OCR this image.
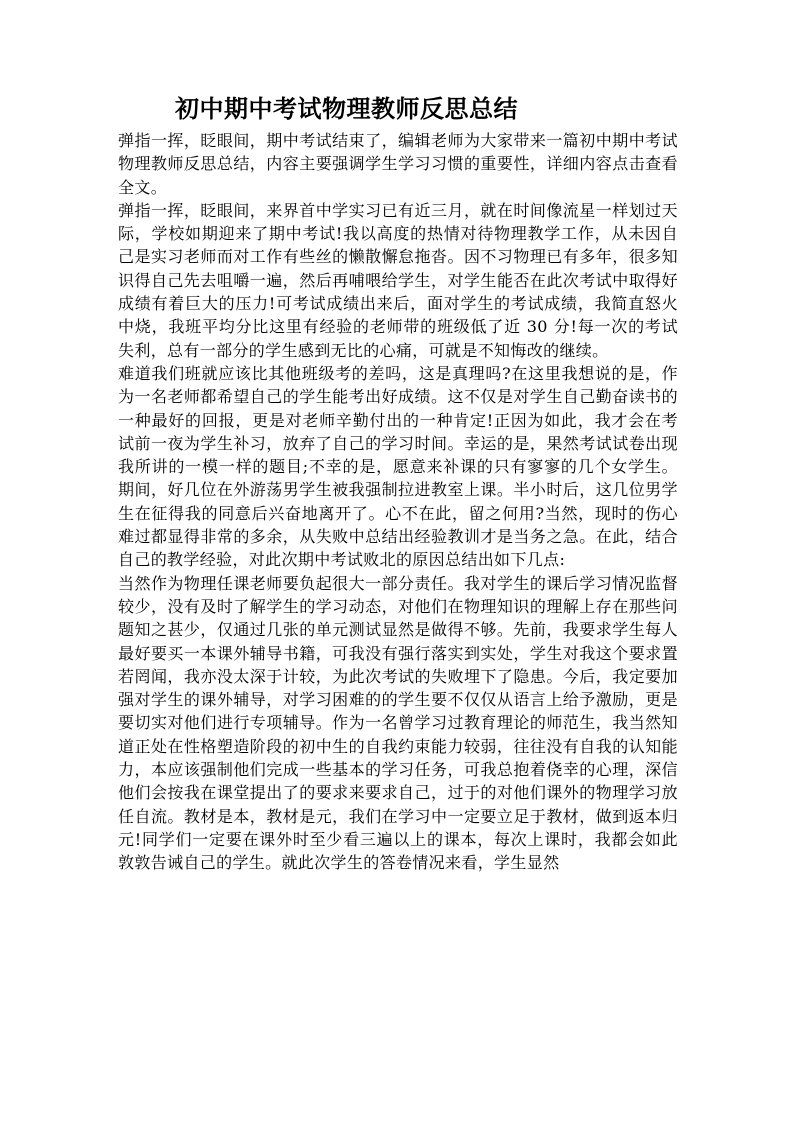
初中期中考试物理教师反思总结

弹指一挥，眨眼间，期中考试结束了，编辑老师为大家带来一篇初中期中考试物理教师反思总结，内容主要强调学生学习习惯的重要性，详细内容点击查看全文。

弹指一挥，眨眼间，来界首中学实习已有近三月，就在时间像流星一样划过天际，学校如期迎来了期中考试!我以高度的热情对待物理教学工作，从未因自己是实习老师而对工作有些丝的懒散懈怠拖沓。因不习物理已有多年，很多知识得自己先去咀嚼一遍，然后再哺喂给学生，对学生能否在此次考试中取得好成绩有着巨大的压力!可考试成绩出来后，面对学生的考试成绩，我简直怒火中烧，我班平均分比这里有经验的老师带的班级低了近 30 分!每一次的考试失利，总有一部分的学生感到无比的心痛，可就是不知悔改的继续。

难道我们班就应该比其他班级考的差吗，这是真理吗?在这里我想说的是，作为一名老师都希望自己的学生能考出好成绩。这不仅是对学生自己勤奋读书的一种最好的回报，更是对老师辛勤付出的一种肯定!正因为如此，我才会在考试前一夜为学生补习，放弃了自己的学习时间。幸运的是，果然考试试卷出现我所讲的一模一样的题目;不幸的是，愿意来补课的只有寥寥的几个女学生。期间，好几位在外游荡男学生被我强制拉进教室上课。半小时后，这几位男学生在征得我的同意后兴奋地离开了。心不在此，留之何用?当然，现时的伤心难过都显得非常的多余，从失败中总结出经验教训才是当务之急。在此，结合自己的教学经验，对此次期中考试败北的原因总结出如下几点:

当然作为物理任课老师要负起很大一部分责任。我对学生的课后学习情况监督较少，没有及时了解学生的学习动态，对他们在物理知识的理解上存在那些问题知之甚少，仅通过几张的单元测试显然是做得不够。先前，我要求学生每人最好要买一本课外辅导书籍，可我没有强行落实到实处，学生对我这个要求置若罔闻，我亦没太深于计较，为此次考试的失败埋下了隐患。今后，我定要加强对学生的课外辅导，对学习困难的的学生要不仅仅从语言上给予激励，更是要切实对他们进行专项辅导。作为一名曾学习过教育理论的师范生，我当然知道正处在性格塑造阶段的初中生的自我约束能力较弱，往往没有自我的认知能力，本应该强制他们完成一些基本的学习任务，可我总抱着侥幸的心理，深信他们会按我在课堂提出了的要求来要求自己，过于的对他们课外的物理学习放任自流。教材是本，教材是元，我们在学习中一定要立足于教材，做到返本归元!同学们一定要在课外时至少看三遍以上的课本，每次上课时，我都会如此敦敦告诫自己的学生。就此次学生的答卷情况来看，学生显然
